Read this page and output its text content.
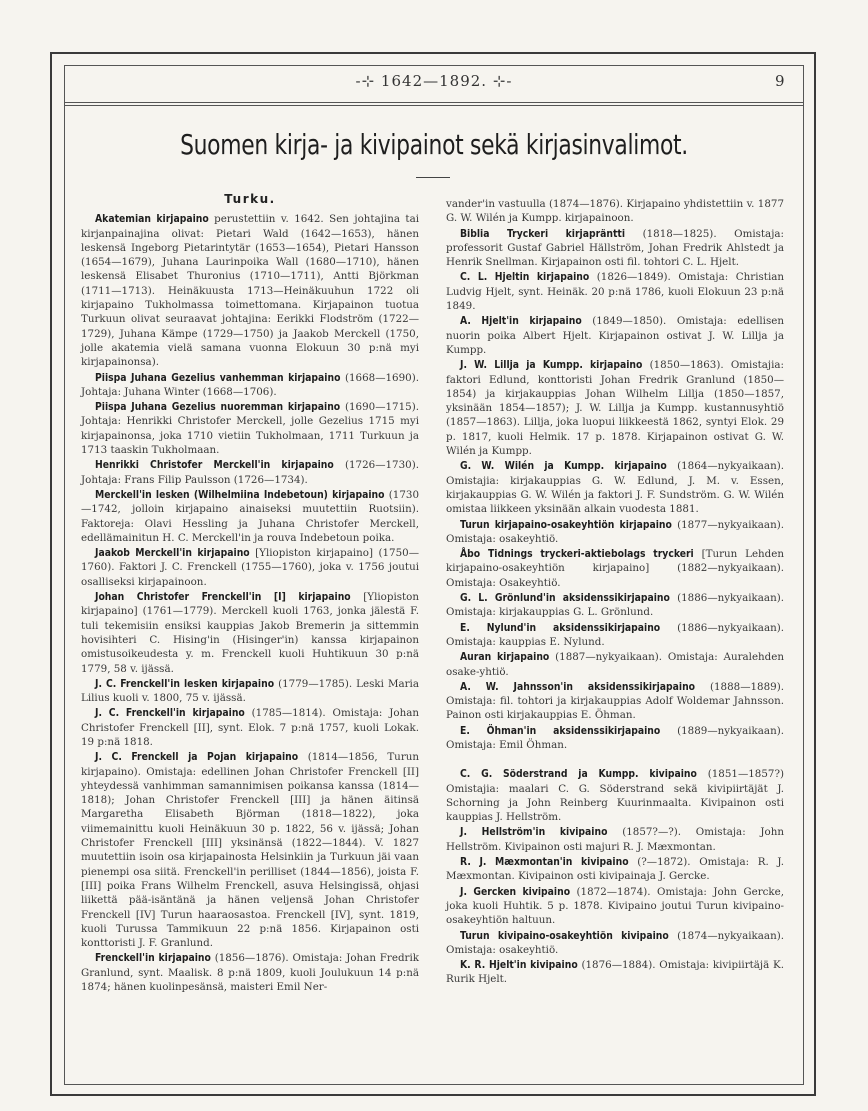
-⊹ 1642—1892. ⊹-	9
Suomen kirja- ja kivipainot sekä kirjasinvalimot.
Turku.

Akatemian kirjapaino perustettiin v. 1642. Sen johtajina tai kirjanpainajina olivat: Pietari Wald (1642—1653), hänen leskensä Ingeborg Pietarintytär (1653—1654), Pietari Hansson (1654—1679), Juhana Laurinpoika Wall (1680—1710), hänen leskensä Elisabet Thuronius (1710—1711), Antti Björkman (1711—1713). Heinäkuusta 1713—Heinäkuuhun 1722 oli kirjapaino Tukholmassa toimettomana. Kirjapainon tuotua Turkuun olivat seuraavat johtajina: Eerikki Flodström (1722—1729), Juhana Kämpe (1729—1750) ja Jaakob Merckell (1750, jolle akatemia vielä samana vuonna Elokuun 30 p:nä myi kirjapainonsa).

Piispa Juhana Gezelius vanhemman kirjapaino (1668—1690). Johtaja: Juhana Winter (1668—1706).

Piispa Juhana Gezelius nuoremman kirjapaino (1690—1715). Johtaja: Henrikki Christofer Merckell, jolle Gezelius 1715 myi kirjapainonsa, joka 1710 vietiin Tukholmaan, 1711 Turkuun ja 1713 taaskin Tukholmaan.

Henrikki Christofer Merckell'in kirjapaino (1726—1730). Johtaja: Frans Filip Paulsson (1726—1734).

Merckell'in lesken (Wilhelmiina Indebetoun) kirjapaino (1730—1742, jolloin kirjapaino ainaiseksi muutettiin Ruotsiin). Faktoreja: Olavi Hessling ja Juhana Christofer Merckell, edellämainitun H. C. Merckell'in ja rouva Indebetoun poika.

Jaakob Merckell'in kirjapaino [Yliopiston kirjapaino] (1750—1760). Faktori J. C. Frenckell (1755—1760), joka v. 1756 joutui osalliseksi kirjapainoon.

Johan Christofer Frenckell'in [I] kirjapaino [Yliopiston kirjapaino] (1761—1779). Merckell kuoli 1763, jonka jälestä F. tuli tekemisiin ensiksi kauppias Jakob Bremerin ja sittemmin hovisihteri C. Hising'in (Hisinger'in) kanssa kirjapainon omistusoikeudesta y. m. Frenckell kuoli Huhtikuun 30 p:nä 1779, 58 v. ijässä.

J. C. Frenckell'in lesken kirjapaino (1779—1785). Leski Maria Lilius kuoli v. 1800, 75 v. ijässä.

J. C. Frenckell'in kirjapaino (1785—1814). Omistaja: Johan Christofer Frenckell [II], synt. Elok. 7 p:nä 1757, kuoli Lokak. 19 p:nä 1818.

J. C. Frenckell ja Pojan kirjapaino (1814—1856, Turun kirjapaino). Omistaja: edellinen Johan Christofer Frenckell [II] yhteydessä vanhimman samannimisen poikansa kanssa (1814—1818); Johan Christofer Frenckell [III] ja hänen äitinsä Margaretha Elisabeth Björman (1818—1822), joka viimemainittu kuoli Heinäkuun 30 p. 1822, 56 v. ijässä; Johan Christofer Frenckell [III] yksinänsä (1822—1844). V. 1827 muutettiin isoin osa kirjapainosta Helsinkiin ja Turkuun jäi vaan pienempi osa siitä. Frenckell'in perilliset (1844—1856), joista F. [III] poika Frans Wilhelm Frenckell, asuva Helsingissä, ohjasi liikettä pää-isäntänä ja hänen veljensä Johan Christofer Frenckell [IV] Turun haaraosastoa. Frenckell [IV], synt. 1819, kuoli Turussa Tammikuun 22 p:nä 1856. Kirjapainon osti konttoristi J. F. Granlund.

Frenckell'in kirjapaino (1856—1876). Omistaja: Johan Fredrik Granlund, synt. Maalisk. 8 p:nä 1809, kuoli Joulukuun 14 p:nä 1874; hänen kuolinpesänsä, maisteri Emil Ner-

vander'in vastuulla (1874—1876). Kirjapaino yhdistettiin v. 1877 G. W. Wilén ja Kumpp. kirjapainoon.

Biblia Tryckeri kirjapräntti (1818—1825). Omistaja: professorit Gustaf Gabriel Hällström, Johan Fredrik Ahlstedt ja Henrik Snellman. Kirjapainon osti fil. tohtori C. L. Hjelt.

C. L. Hjeltin kirjapaino (1826—1849). Omistaja: Christian Ludvig Hjelt, synt. Heinäk. 20 p:nä 1786, kuoli Elokuun 23 p:nä 1849.

A. Hjelt'in kirjapaino (1849—1850). Omistaja: edellisen nuorin poika Albert Hjelt. Kirjapainon ostivat J. W. Lillja ja Kumpp.

J. W. Lillja ja Kumpp. kirjapaino (1850—1863). Omistajia: faktori Edlund, konttoristi Johan Fredrik Granlund (1850—1854) ja kirjakauppias Johan Wilhelm Lillja (1850—1857, yksinään 1854—1857); J. W. Lillja ja Kumpp. kustannusyhtiö (1857—1863). Lillja, joka luopui liikkeestä 1862, syntyi Elok. 29 p. 1817, kuoli Helmik. 17 p. 1878. Kirjapainon ostivat G. W. Wilén ja Kumpp.

G. W. Wilén ja Kumpp. kirjapaino (1864—nykyaikaan). Omistajia: kirjakauppias G. W. Edlund, J. M. v. Essen, kirjakauppias G. W. Wilén ja faktori J. F. Sundström. G. W. Wilén omistaa liikkeen yksinään alkain vuodesta 1881.

Turun kirjapaino-osakeyhtiön kirjapaino (1877—nykyaikaan). Omistaja: osakeyhtiö.

Åbo Tidnings tryckeri-aktiebolags tryckeri [Turun Lehden kirjapaino-osakeyhtiön kirjapaino] (1882—nykyaikaan). Omistaja: Osakeyhtiö.

G. L. Grönlund'in aksidenssikirjapaino (1886—nykyaikaan). Omistaja: kirjakauppias G. L. Grönlund.

E. Nylund'in aksidenssikirjapaino (1886—nykyaikaan). Omistaja: kauppias E. Nylund.

Auran kirjapaino (1887—nykyaikaan). Omistaja: Auralehden osake-yhtiö.

A. W. Jahnsson'in aksidenssikirjapaino (1888—1889). Omistaja: fil. tohtori ja kirjakauppias Adolf Woldemar Jahnsson. Painon osti kirjakauppias E. Öhman.

E. Öhman'in aksidenssikirjapaino (1889—nykyaikaan). Omistaja: Emil Öhman.

C. G. Söderstrand ja Kumpp. kivipaino (1851—1857?) Omistajia: maalari C. G. Söderstrand sekä kivipiirtäjät J. Schorning ja John Reinberg Kuurinmaalta. Kivipainon osti kauppias J. Hellström.

J. Hellström'in kivipaino (1857?—?). Omistaja: John Hellström. Kivipainon osti majuri R. J. Mæxmontan.

R. J. Mæxmontan'in kivipaino (?—1872). Omistaja: R. J. Mæxmontan. Kivipainon osti kivipainaja J. Gercke.

J. Gercken kivipaino (1872—1874). Omistaja: John Gercke, joka kuoli Huhtik. 5 p. 1878. Kivipaino joutui Turun kivipaino-osakeyhtiön haltuun.

Turun kivipaino-osakeyhtiön kivipaino (1874—nykyaikaan). Omistaja: osakeyhtiö.

K. R. Hjelt'in kivipaino (1876—1884). Omistaja: kivipiirtäjä K. Rurik Hjelt.
